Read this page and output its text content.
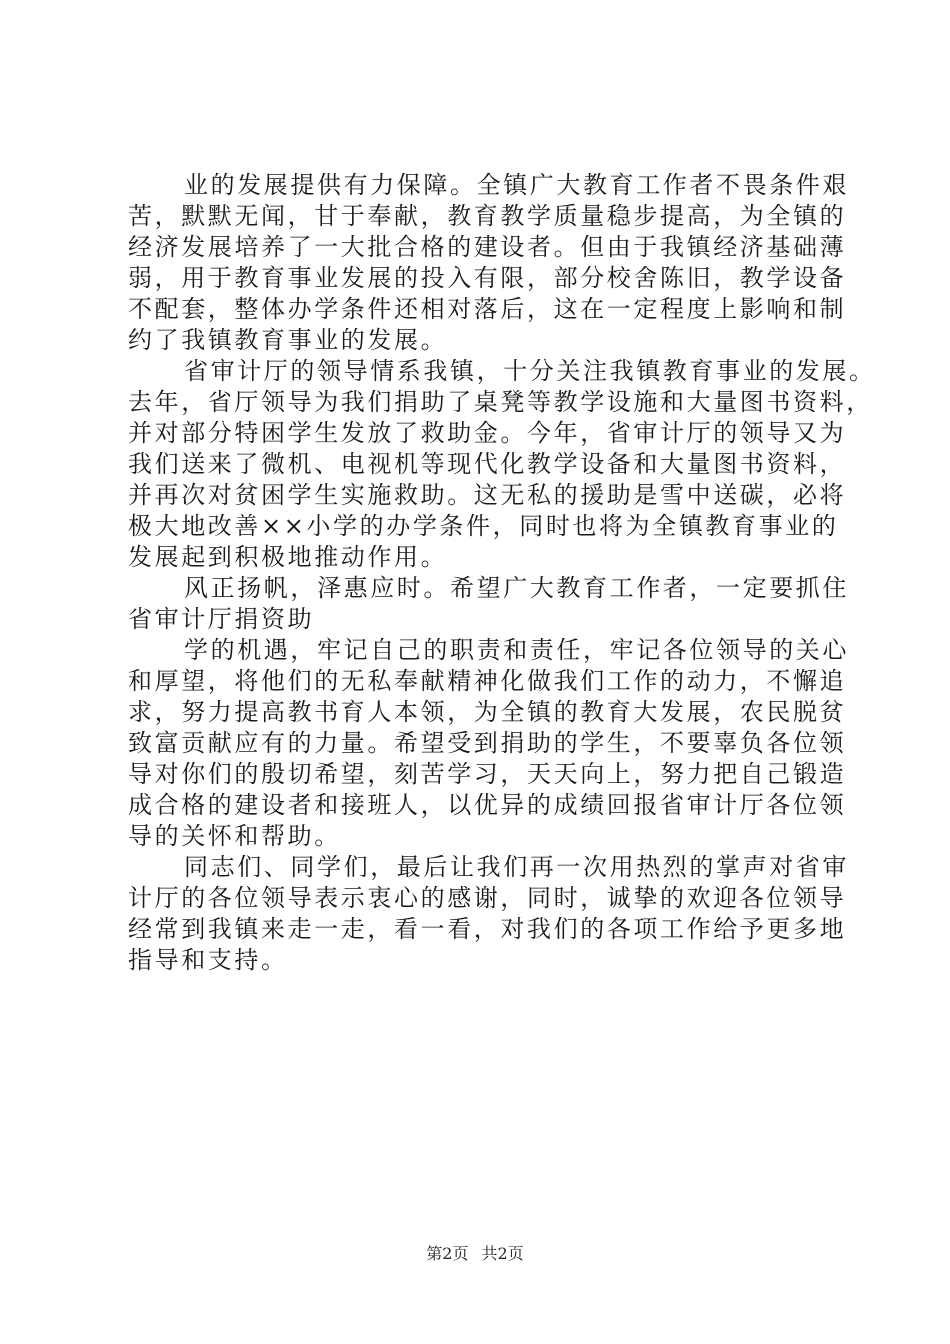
业的发展提供有力保障。全镇广大教育工作者不畏条件艰
苦，默默无闻，甘于奉献，教育教学质量稳步提高，为全镇的
经济发展培养了一大批合格的建设者。但由于我镇经济基础薄
弱，用于教育事业发展的投入有限，部分校舍陈旧，教学设备
不配套，整体办学条件还相对落后，这在一定程度上影响和制
约了我镇教育事业的发展。
省审计厅的领导情系我镇，十分关注我镇教育事业的发展。
去年，省厅领导为我们捐助了桌凳等教学设施和大量图书资料，
并对部分特困学生发放了救助金。今年，省审计厅的领导又为
我们送来了微机、电视机等现代化教学设备和大量图书资料，
并再次对贫困学生实施救助。这无私的援助是雪中送碳，必将
极大地改善××小学的办学条件，同时也将为全镇教育事业的
发展起到积极地推动作用。
风正扬帆，泽惠应时。希望广大教育工作者，一定要抓住
省审计厅捐资助
学的机遇，牢记自己的职责和责任，牢记各位领导的关心
和厚望，将他们的无私奉献精神化做我们工作的动力，不懈追
求，努力提高教书育人本领，为全镇的教育大发展，农民脱贫
致富贡献应有的力量。希望受到捐助的学生，不要辜负各位领
导对你们的殷切希望，刻苦学习，天天向上，努力把自己锻造
成合格的建设者和接班人，以优异的成绩回报省审计厅各位领
导的关怀和帮助。
同志们、同学们，最后让我们再一次用热烈的掌声对省审
计厅的各位领导表示衷心的感谢，同时，诚挚的欢迎各位领导
经常到我镇来走一走，看一看，对我们的各项工作给予更多地
指导和支持。
第2页 共2页
